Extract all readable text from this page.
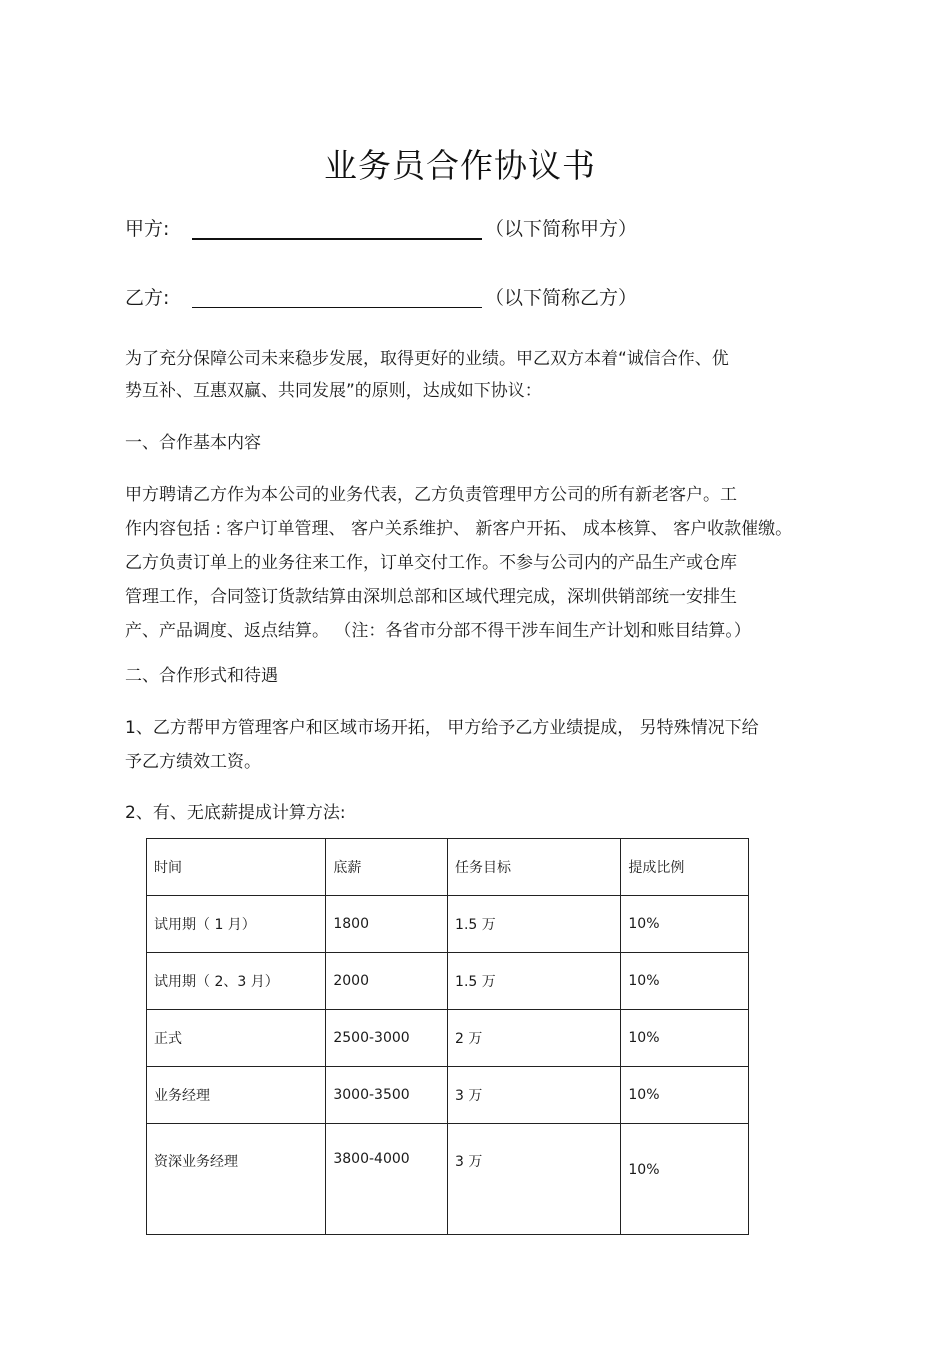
业务员合作协议书
甲方:	（以下简称甲方）
乙方:	（以下简称乙方）
为了充分保障公司未来稳步发展，取得更好的业绩。甲乙双方本着“诚信合作、优
势互补、互惠双赢、共同发展”的原则，达成如下协议：
一、合作基本内容
甲方聘请乙方作为本公司的业务代表，乙方负责管理甲方公司的所有新老客户。工
作内容包括 : 客户订单管理、 客户关系维护、 新客户开拓、 成本核算、 客户收款催缴。
乙方负责订单上的业务往来工作，订单交付工作。不参与公司内的产品生产或仓库
管理工作，合同签订货款结算由深圳总部和区域代理完成，深圳供销部统一安排生
产、产品调度、返点结算。 （注：各省市分部不得干涉车间生产计划和账目结算。）
二、合作形式和待遇
1、乙方帮甲方管理客户和区域市场开拓， 甲方给予乙方业绩提成， 另特殊情况下给
予乙方绩效工资。
2、有、无底薪提成计算方法:
时间	底薪	任务目标	提成比例
试用期（ 1 月）	1800	1.5 万	10%
试用期（ 2、3 月）	2000	1.5 万	10%
正式	2500-3000	2 万	10%
业务经理	3000-3500	3 万	10%
资深业务经理	3800-4000	3 万	10%
